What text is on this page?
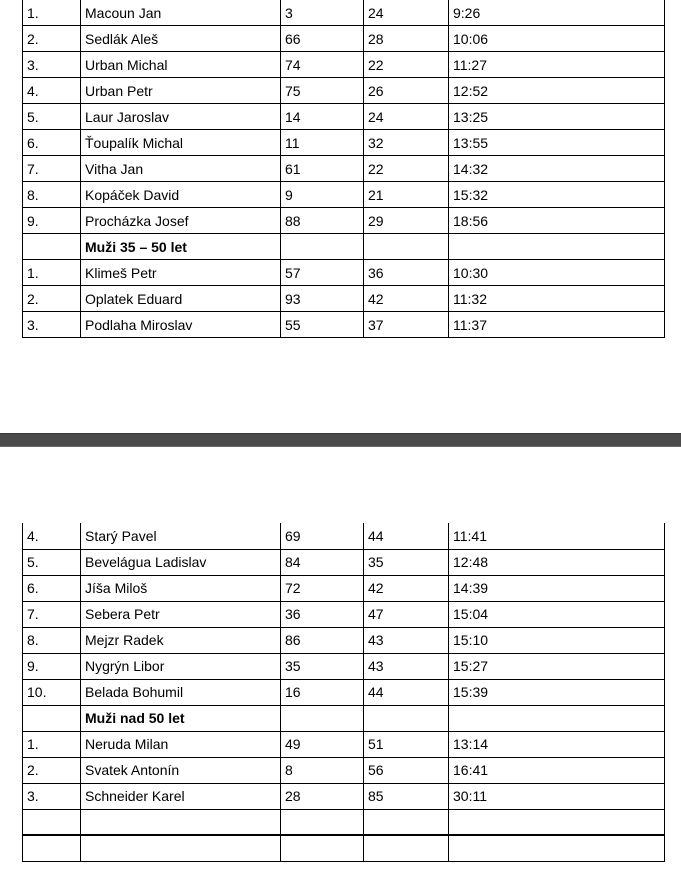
1.	Macoun Jan	3	24	9:26
2.	Sedlák Aleš	66	28	10:06
3.	Urban Michal	74	22	11:27
4.	Urban Petr	75	26	12:52
5.	Laur Jaroslav	14	24	13:25
6.	Ťoupalík Michal	11	32	13:55
7.	Vitha Jan	61	22	14:32
8.	Kopáček David	9	21	15:32
9.	Procházka Josef	88	29	18:56
	Muži 35 – 50 let			
1.	Klimeš Petr	57	36	10:30
2.	Oplatek Eduard	93	42	11:32
3.	Podlaha Miroslav	55	37	11:37
4.	Starý Pavel	69	44	11:41
5.	Bevelágua Ladislav	84	35	12:48
6.	Jíša Miloš	72	42	14:39
7.	Sebera Petr	36	47	15:04
8.	Mejzr Radek	86	43	15:10
9.	Nygrýn Libor	35	43	15:27
10.	Belada Bohumil	16	44	15:39
	Muži nad 50 let			
1.	Neruda Milan	49	51	13:14
2.	Svatek Antonín	8	56	16:41
3.	Schneider Karel	28	85	30:11
